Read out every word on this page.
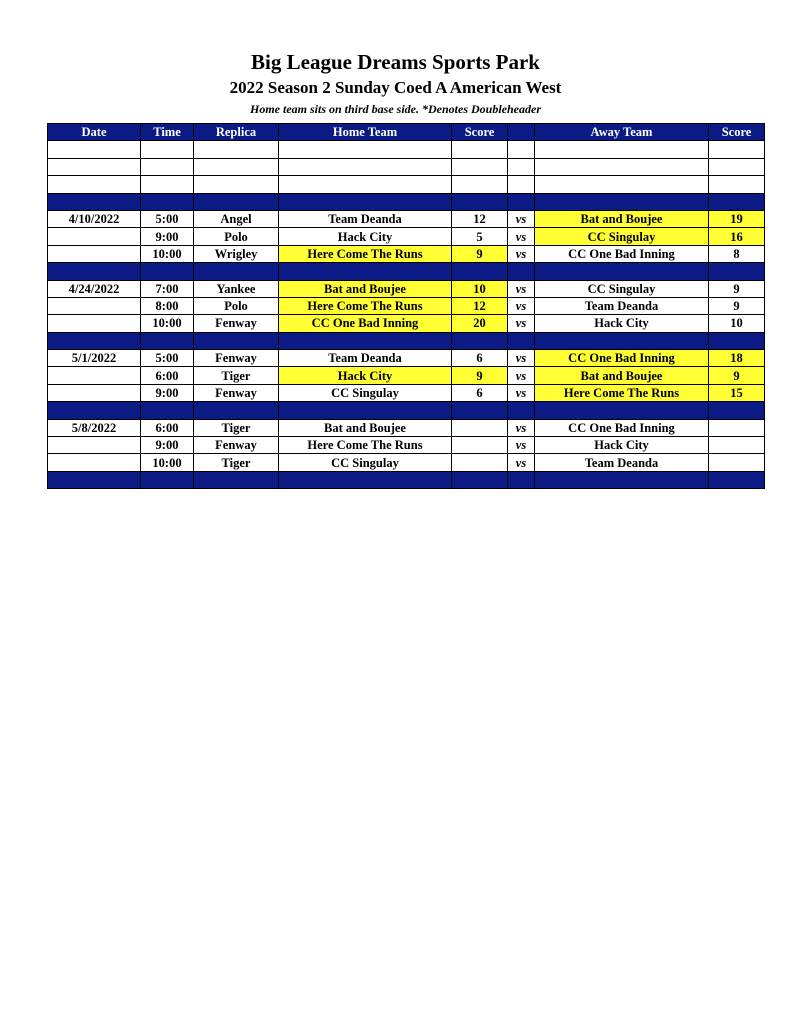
Big League Dreams Sports Park
2022 Season 2 Sunday Coed A American West
Home team sits on third base side. *Denotes Doubleheader
Date	Time	Replica	Home Team	Score		Away Team	Score

4/10/2022	5:00	Angel	Team Deanda	12	vs	Bat and Boujee	19
	9:00	Polo	Hack City	5	vs	CC Singulay	16
	10:00	Wrigley	Here Come The Runs	9	vs	CC One Bad Inning	8

4/24/2022	7:00	Yankee	Bat and Boujee	10	vs	CC Singulay	9
	8:00	Polo	Here Come The Runs	12	vs	Team Deanda	9
	10:00	Fenway	CC One Bad Inning	20	vs	Hack City	10

5/1/2022	5:00	Fenway	Team Deanda	6	vs	CC One Bad Inning	18
	6:00	Tiger	Hack City	9	vs	Bat and Boujee	9
	9:00	Fenway	CC Singulay	6	vs	Here Come The Runs	15

5/8/2022	6:00	Tiger	Bat and Boujee		vs	CC One Bad Inning	
	9:00	Fenway	Here Come The Runs		vs	Hack City	
	10:00	Tiger	CC Singulay		vs	Team Deanda	
